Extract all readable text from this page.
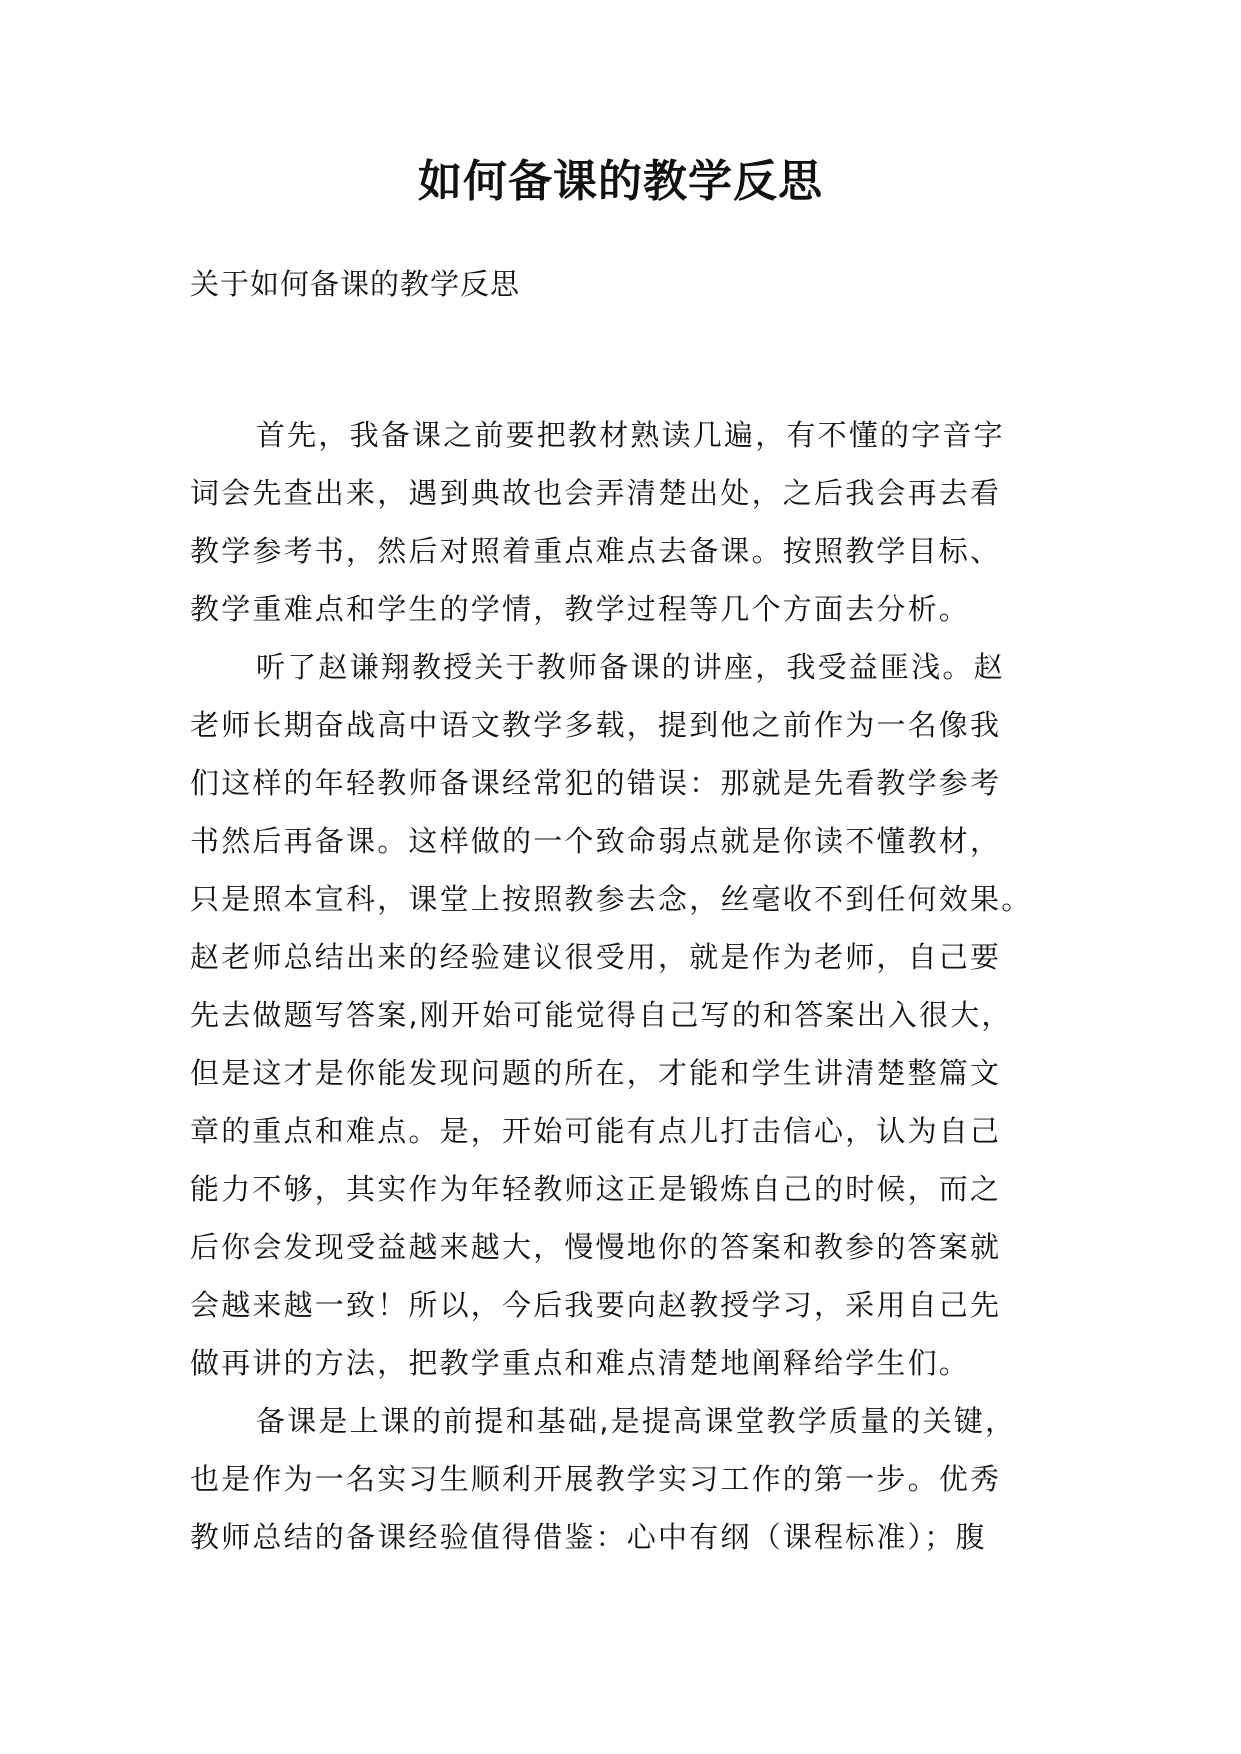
如何备课的教学反思
关于如何备课的教学反思
首先，我备课之前要把教材熟读几遍，有不懂的字音字
词会先查出来，遇到典故也会弄清楚出处，之后我会再去看
教学参考书，然后对照着重点难点去备课。按照教学目标、
教学重难点和学生的学情，教学过程等几个方面去分析。
听了赵谦翔教授关于教师备课的讲座，我受益匪浅。赵
老师长期奋战高中语文教学多载，提到他之前作为一名像我
们这样的年轻教师备课经常犯的错误：那就是先看教学参考
书然后再备课。这样做的一个致命弱点就是你读不懂教材，
只是照本宣科，课堂上按照教参去念，丝毫收不到任何效果。
赵老师总结出来的经验建议很受用，就是作为老师，自己要
先去做题写答案,刚开始可能觉得自己写的和答案出入很大，
但是这才是你能发现问题的所在，才能和学生讲清楚整篇文
章的重点和难点。是，开始可能有点儿打击信心，认为自己
能力不够，其实作为年轻教师这正是锻炼自己的时候，而之
后你会发现受益越来越大，慢慢地你的答案和教参的答案就
会越来越一致！所以，今后我要向赵教授学习，采用自己先
做再讲的方法，把教学重点和难点清楚地阐释给学生们。
备课是上课的前提和基础,是提高课堂教学质量的关键，
也是作为一名实习生顺利开展教学实习工作的第一步。优秀
教师总结的备课经验值得借鉴：心中有纲（课程标准）；腹
